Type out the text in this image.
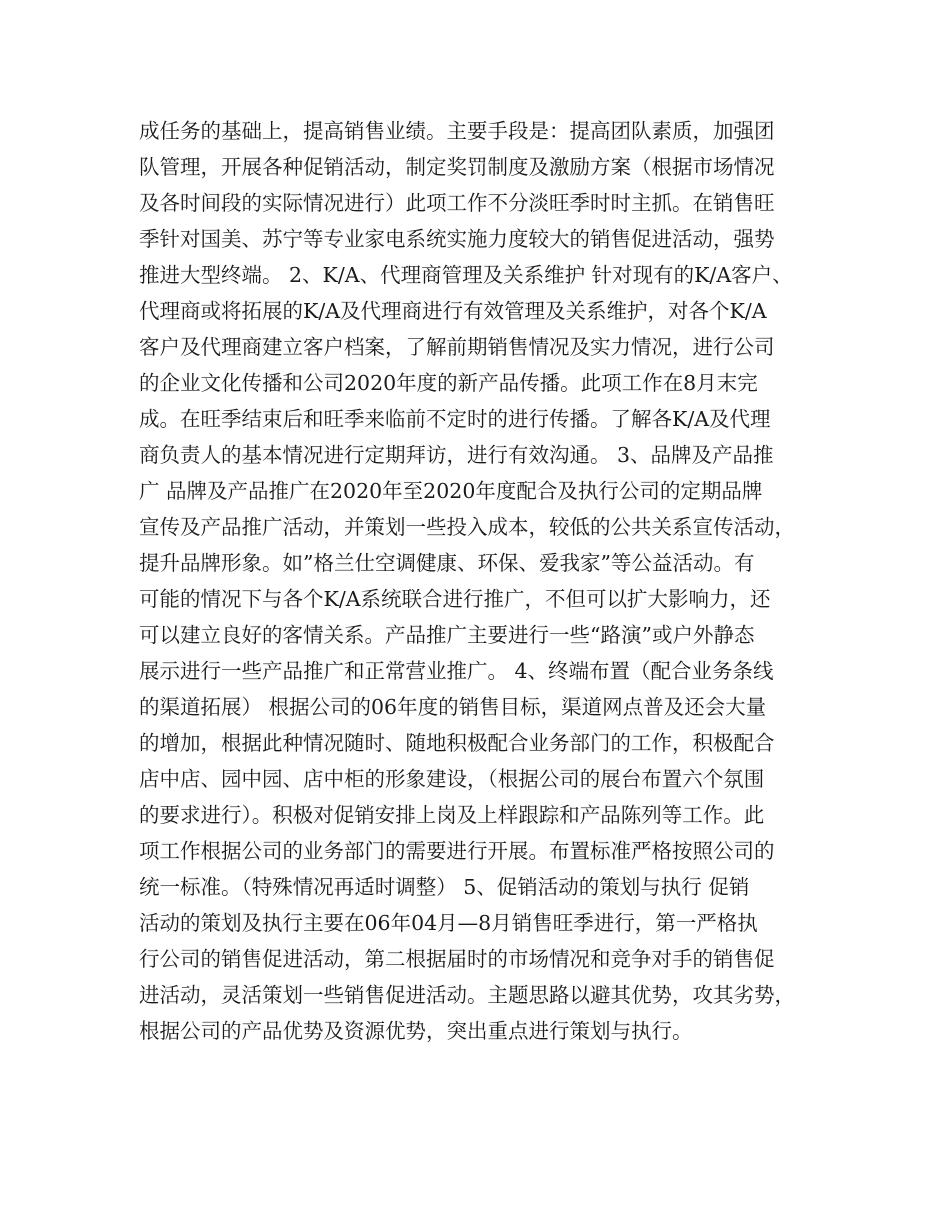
成任务的基础上，提高销售业绩。主要手段是：提高团队素质，加强团
队管理，开展各种促销活动，制定奖罚制度及激励方案（根据市场情况
及各时间段的实际情况进行）此项工作不分淡旺季时时主抓。在销售旺
季针对国美、苏宁等专业家电系统实施力度较大的销售促进活动，强势
推进大型终端。 2、K/A、代理商管理及关系维护 针对现有的K/A客户、
代理商或将拓展的K/A及代理商进行有效管理及关系维护，对各个K/A
客户及代理商建立客户档案，了解前期销售情况及实力情况，进行公司
的企业文化传播和公司2020年度的新产品传播。此项工作在8月末完
成。在旺季结束后和旺季来临前不定时的进行传播。了解各K/A及代理
商负责人的基本情况进行定期拜访，进行有效沟通。 3、品牌及产品推
广 品牌及产品推广在2020年至2020年度配合及执行公司的定期品牌
宣传及产品推广活动，并策划一些投入成本，较低的公共关系宣传活动，
提升品牌形象。如”格兰仕空调健康、环保、爱我家”等公益活动。有
可能的情况下与各个K/A系统联合进行推广，不但可以扩大影响力，还
可以建立良好的客情关系。产品推广主要进行一些“路演”或户外静态
展示进行一些产品推广和正常营业推广。 4、终端布置（配合业务条线
的渠道拓展） 根据公司的06年度的销售目标，渠道网点普及还会大量
的增加，根据此种情况随时、随地积极配合业务部门的工作，积极配合
店中店、园中园、店中柜的形象建设，（根据公司的展台布置六个氛围
的要求进行）。积极对促销安排上岗及上样跟踪和产品陈列等工作。此
项工作根据公司的业务部门的需要进行开展。布置标准严格按照公司的
统一标准。（特殊情况再适时调整） 5、促销活动的策划与执行 促销
活动的策划及执行主要在06年04月—8月销售旺季进行，第一严格执
行公司的销售促进活动，第二根据届时的市场情况和竞争对手的销售促
进活动，灵活策划一些销售促进活动。主题思路以避其优势，攻其劣势，
根据公司的产品优势及资源优势，突出重点进行策划与执行。
